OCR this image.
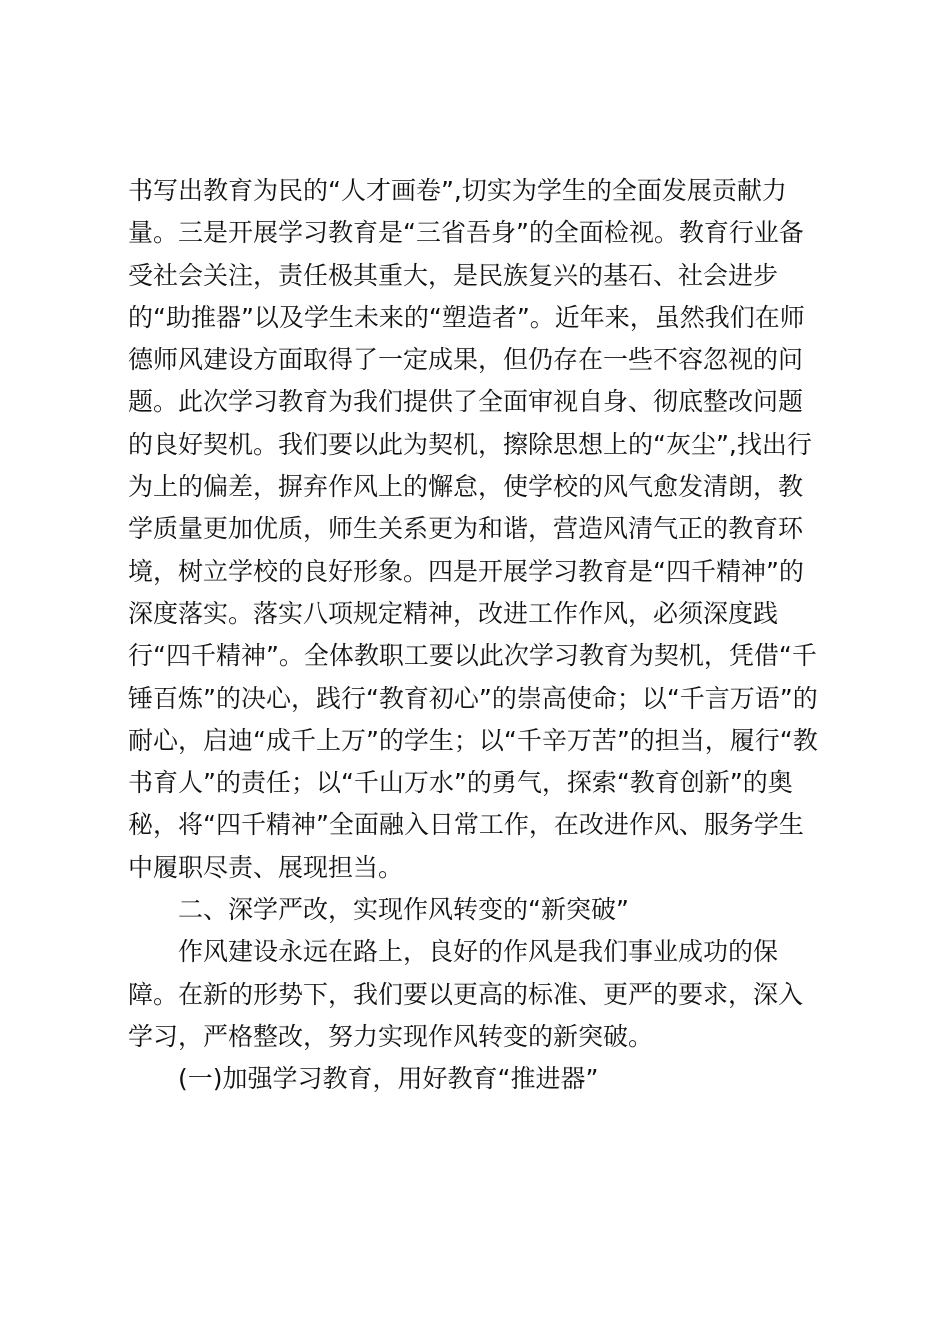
书写出教育为民的“人才画卷”,切实为学生的全面发展贡献力
量。三是开展学习教育是“三省吾身”的全面检视。教育行业备
受社会关注，责任极其重大，是民族复兴的基石、社会进步
的“助推器”以及学生未来的“塑造者”。近年来，虽然我们在师
德师风建设方面取得了一定成果，但仍存在一些不容忽视的问
题。此次学习教育为我们提供了全面审视自身、彻底整改问题
的良好契机。我们要以此为契机，擦除思想上的“灰尘”,找出行
为上的偏差，摒弃作风上的懈怠，使学校的风气愈发清朗，教
学质量更加优质，师生关系更为和谐，营造风清气正的教育环
境，树立学校的良好形象。四是开展学习教育是“四千精神”的
深度落实。落实八项规定精神，改进工作作风，必须深度践
行“四千精神”。全体教职工要以此次学习教育为契机，凭借“千
锤百炼”的决心，践行“教育初心”的崇高使命；以“千言万语”的
耐心，启迪“成千上万”的学生；以“千辛万苦”的担当，履行“教
书育人”的责任；以“千山万水”的勇气，探索“教育创新”的奥
秘，将“四千精神”全面融入日常工作，在改进作风、服务学生
中履职尽责、展现担当。
二、深学严改，实现作风转变的“新突破”
作风建设永远在路上，良好的作风是我们事业成功的保
障。在新的形势下，我们要以更高的标准、更严的要求，深入
学习，严格整改，努力实现作风转变的新突破。
(一)加强学习教育，用好教育“推进器”
